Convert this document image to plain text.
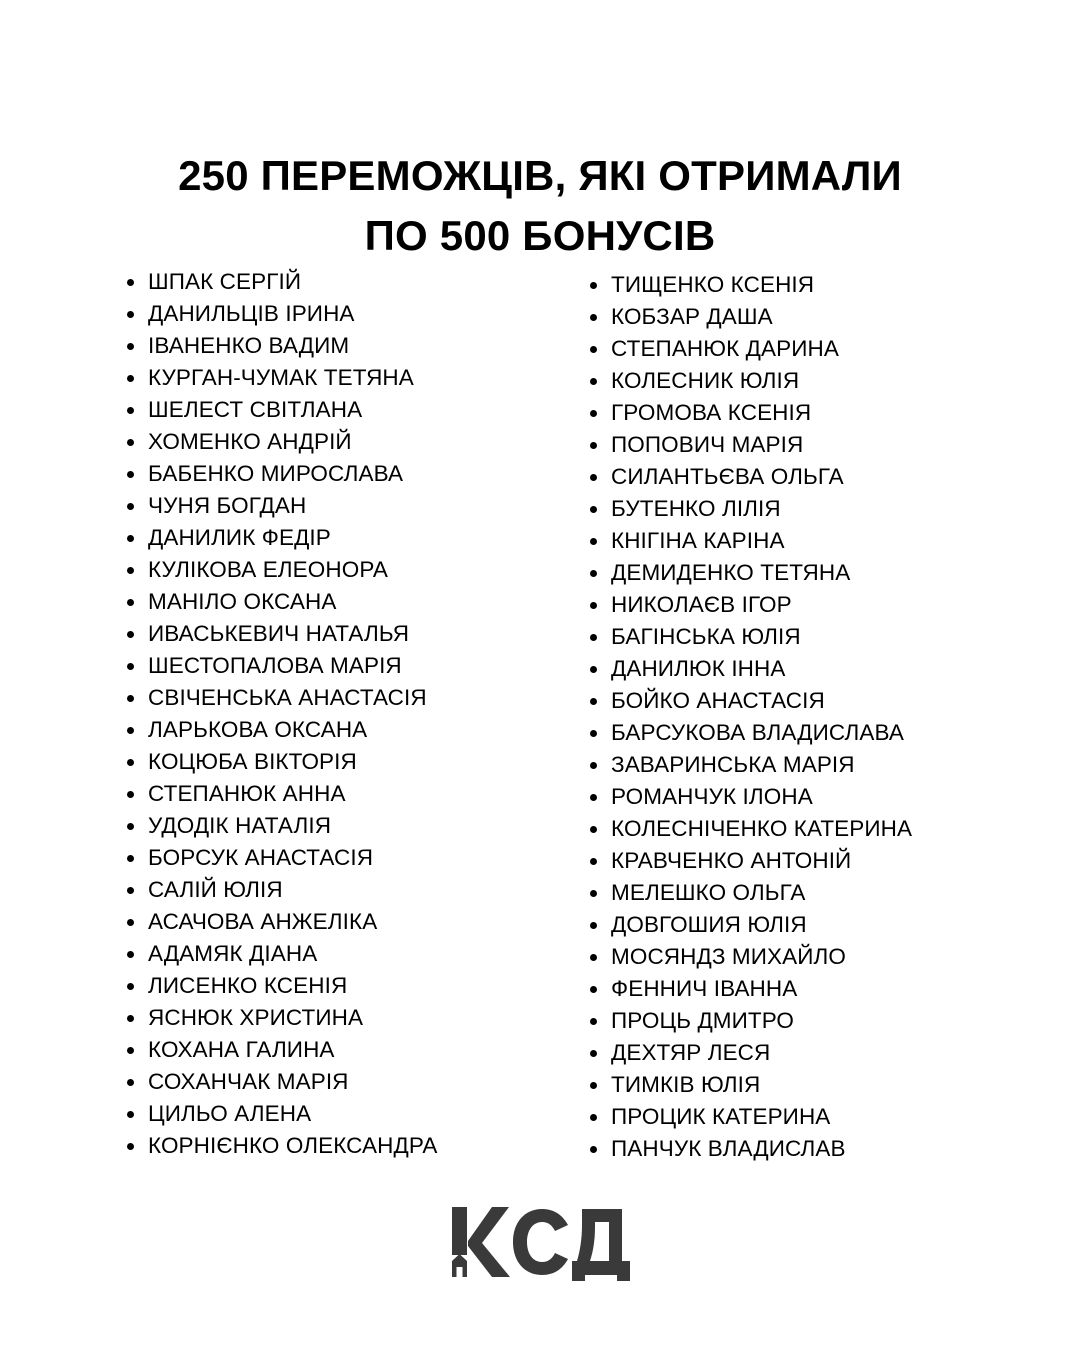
250 ПЕРЕМОЖЦІВ, ЯКІ ОТРИМАЛИ
ПО 500 БОНУСІВ
ШПАК СЕРГІЙ
ДАНИЛЬЦІВ ІРИНА
ІВАНЕНКО ВАДИМ
КУРГАН-ЧУМАК ТЕТЯНА
ШЕЛЕСТ СВІТЛАНА
ХОМЕНКО АНДРІЙ
БАБЕНКО МИРОСЛАВА
ЧУНЯ БОГДАН
ДАНИЛИК ФЕДІР
КУЛІКОВА ЕЛЕОНОРА
МАНІЛО ОКСАНА
ИВАСЬКЕВИЧ НАТАЛЬЯ
ШЕСТОПАЛОВА МАРІЯ
СВІЧЕНСЬКА АНАСТАСІЯ
ЛАРЬКОВА ОКСАНА
КОЦЮБА ВІКТОРІЯ
СТЕПАНЮК АННА
УДОДІК НАТАЛІЯ
БОРСУК АНАСТАСІЯ
САЛІЙ ЮЛІЯ
АСАЧОВА АНЖЕЛІКА
АДАМЯК ДІАНА
ЛИСЕНКО КСЕНІЯ
ЯСНЮК ХРИСТИНА
КОХАНА ГАЛИНА
СОХАНЧАК МАРІЯ
ЦИЛЬО АЛЕНА
КОРНІЄНКО ОЛЕКСАНДРА
ТИЩЕНКО КСЕНІЯ
КОБЗАР ДАША
СТЕПАНЮК ДАРИНА
КОЛЕСНИК ЮЛІЯ
ГРОМОВА КСЕНІЯ
ПОПОВИЧ МАРІЯ
СИЛАНТЬЄВА ОЛЬГА
БУТЕНКО ЛІЛІЯ
КНІГІНА КАРІНА
ДЕМИДЕНКО ТЕТЯНА
НИКОЛАЄВ ІГОР
БАГІНСЬКА ЮЛІЯ
ДАНИЛЮК ІННА
БОЙКО АНАСТАСІЯ
БАРСУКОВА ВЛАДИСЛАВА
ЗАВАРИНСЬКА МАРІЯ
РОМАНЧУК ІЛОНА
КОЛЕСНІЧЕНКО КАТЕРИНА
КРАВЧЕНКО АНТОНІЙ
МЕЛЕШКО ОЛЬГА
ДОВГОШИЯ ЮЛІЯ
МОСЯНДЗ МИХАЙЛО
ФЕННИЧ ІВАННА
ПРОЦЬ ДМИТРО
ДЕХТЯР ЛЕСЯ
ТИМКІВ ЮЛІЯ
ПРОЦИК КАТЕРИНА
ПАНЧУК ВЛАДИСЛАВ
КСД
